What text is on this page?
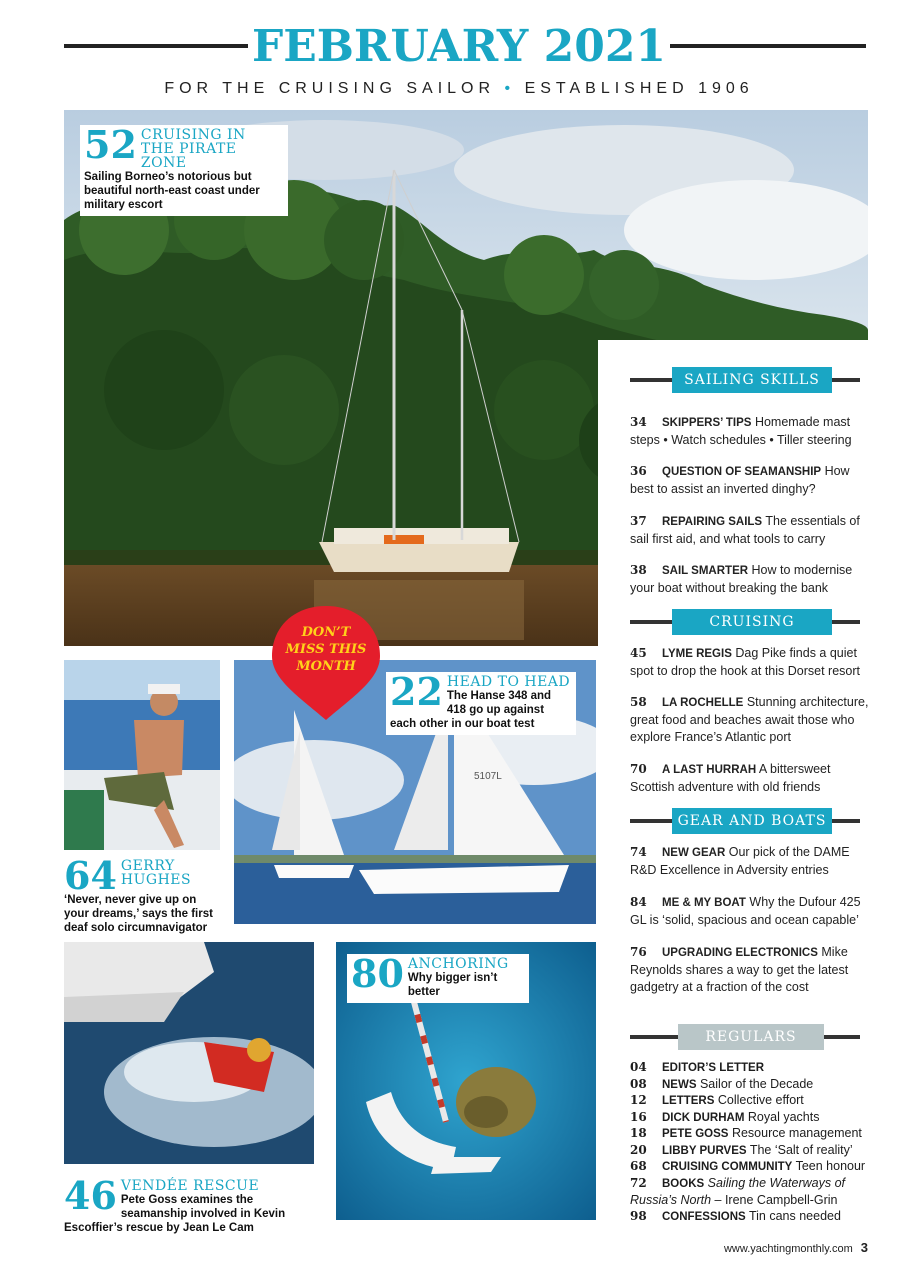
FEBRUARY 2021
FOR THE CRUISING SAILOR • ESTABLISHED 1906
52 CRUISING IN THE PIRATE ZONE
Sailing Borneo’s notorious but beautiful north-east coast under military escort
64 GERRY HUGHES
‘Never, never give up on your dreams,’ says the first deaf solo circumnavigator
5107L
22 HEAD TO HEAD
The Hanse 348 and 418 go up against each other in our boat test
DON’T
MISS THIS
MONTH
46 VENDÉE RESCUE
Pete Goss examines the seamanship involved in Kevin Escoffier’s rescue by Jean Le Cam
80 ANCHORING
Why bigger isn’t better
SAILING SKILLS
34 SKIPPERS’ TIPS Homemade mast steps • Watch schedules • Tiller steering
36 QUESTION OF SEAMANSHIP How best to assist an inverted dinghy?
37 REPAIRING SAILS The essentials of sail first aid, and what tools to carry
38 SAIL SMARTER How to modernise your boat without breaking the bank
CRUISING
45 LYME REGIS Dag Pike finds a quiet spot to drop the hook at this Dorset resort
58 LA ROCHELLE Stunning architecture, great food and beaches await those who explore France’s Atlantic port
70 A LAST HURRAH A bittersweet Scottish adventure with old friends
GEAR AND BOATS
74 NEW GEAR Our pick of the DAME R&D Excellence in Adversity entries
84 ME & MY BOAT Why the Dufour 425 GL is ‘solid, spacious and ocean capable’
76 UPGRADING ELECTRONICS Mike Reynolds shares a way to get the latest gadgetry at a fraction of the cost
REGULARS
04 EDITOR’S LETTER
08 NEWS Sailor of the Decade
12 LETTERS Collective effort
16 DICK DURHAM Royal yachts
18 PETE GOSS Resource management
20 LIBBY PURVES The ‘Salt of reality’
68 CRUISING COMMUNITY Teen honour
72 BOOKS Sailing the Waterways of Russia’s North – Irene Campbell-Grin
98 CONFESSIONS Tin cans needed
www.yachtingmonthly.com 3
